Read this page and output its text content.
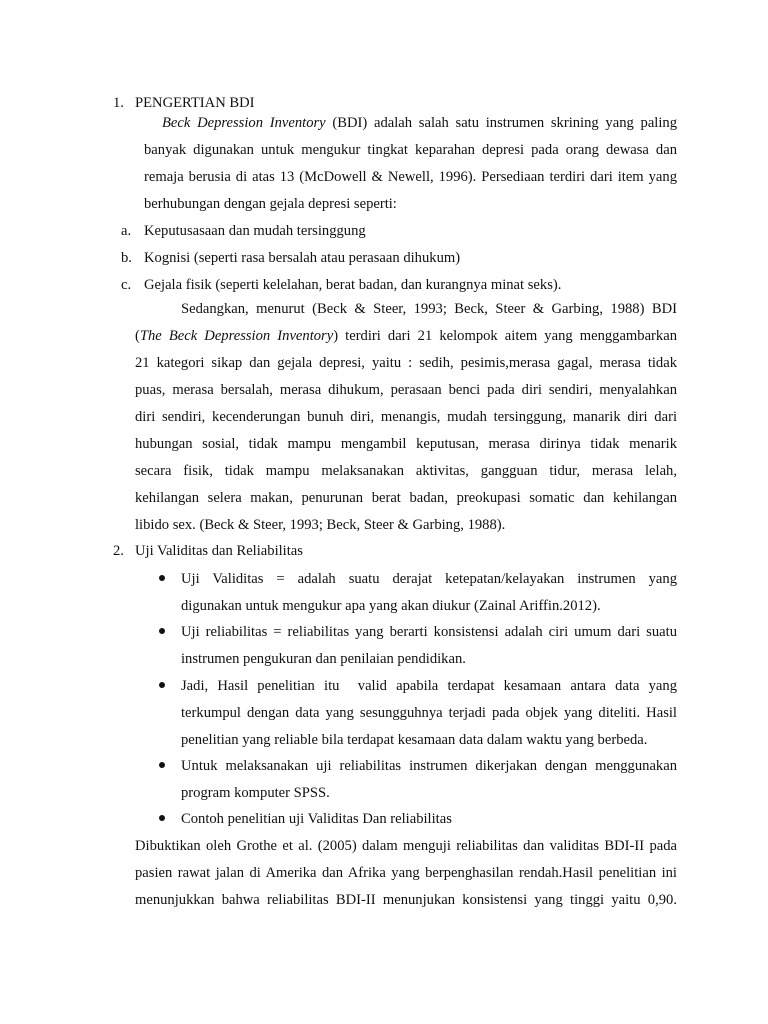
1. PENGERTIAN BDI
Beck Depression Inventory (BDI) adalah salah satu instrumen skrining yang paling
banyak digunakan untuk mengukur tingkat keparahan depresi pada orang dewasa dan
remaja berusia di atas 13 (McDowell & Newell, 1996). Persediaan terdiri dari item yang
berhubungan dengan gejala depresi seperti:
a. Keputusasaan dan mudah tersinggung
b. Kognisi (seperti rasa bersalah atau perasaan dihukum)
c. Gejala fisik (seperti kelelahan, berat badan, dan kurangnya minat seks).
Sedangkan, menurut (Beck & Steer, 1993; Beck, Steer & Garbing, 1988) BDI
(The Beck Depression Inventory) terdiri dari 21 kelompok aitem yang menggambarkan
21 kategori sikap dan gejala depresi, yaitu : sedih, pesimis,merasa gagal, merasa tidak
puas, merasa bersalah, merasa dihukum, perasaan benci pada diri sendiri, menyalahkan
diri sendiri, kecenderungan bunuh diri, menangis, mudah tersinggung, manarik diri dari
hubungan sosial, tidak mampu mengambil keputusan, merasa dirinya tidak menarik
secara fisik, tidak mampu melaksanakan aktivitas, gangguan tidur, merasa lelah,
kehilangan selera makan, penurunan berat badan, preokupasi somatic dan kehilangan
libido sex. (Beck & Steer, 1993; Beck, Steer & Garbing, 1988).
2. Uji Validitas dan Reliabilitas
Uji Validitas = adalah suatu derajat ketepatan/kelayakan instrumen yang
digunakan untuk mengukur apa yang akan diukur (Zainal Ariffin.2012).
Uji reliabilitas = reliabilitas yang berarti konsistensi adalah ciri umum dari suatu
instrumen pengukuran dan penilaian pendidikan.
Jadi, Hasil penelitian itu  valid apabila terdapat kesamaan antara data yang
terkumpul dengan data yang sesungguhnya terjadi pada objek yang diteliti. Hasil
penelitian yang reliable bila terdapat kesamaan data dalam waktu yang berbeda.
Untuk melaksanakan uji reliabilitas instrumen dikerjakan dengan menggunakan
program komputer SPSS.
Contoh penelitian uji Validitas Dan reliabilitas
Dibuktikan oleh Grothe et al. (2005) dalam menguji reliabilitas dan validitas BDI-II pada
pasien rawat jalan di Amerika dan Afrika yang berpenghasilan rendah.Hasil penelitian ini
menunjukkan bahwa reliabilitas BDI-II menunjukan konsistensi yang tinggi yaitu 0,90.
